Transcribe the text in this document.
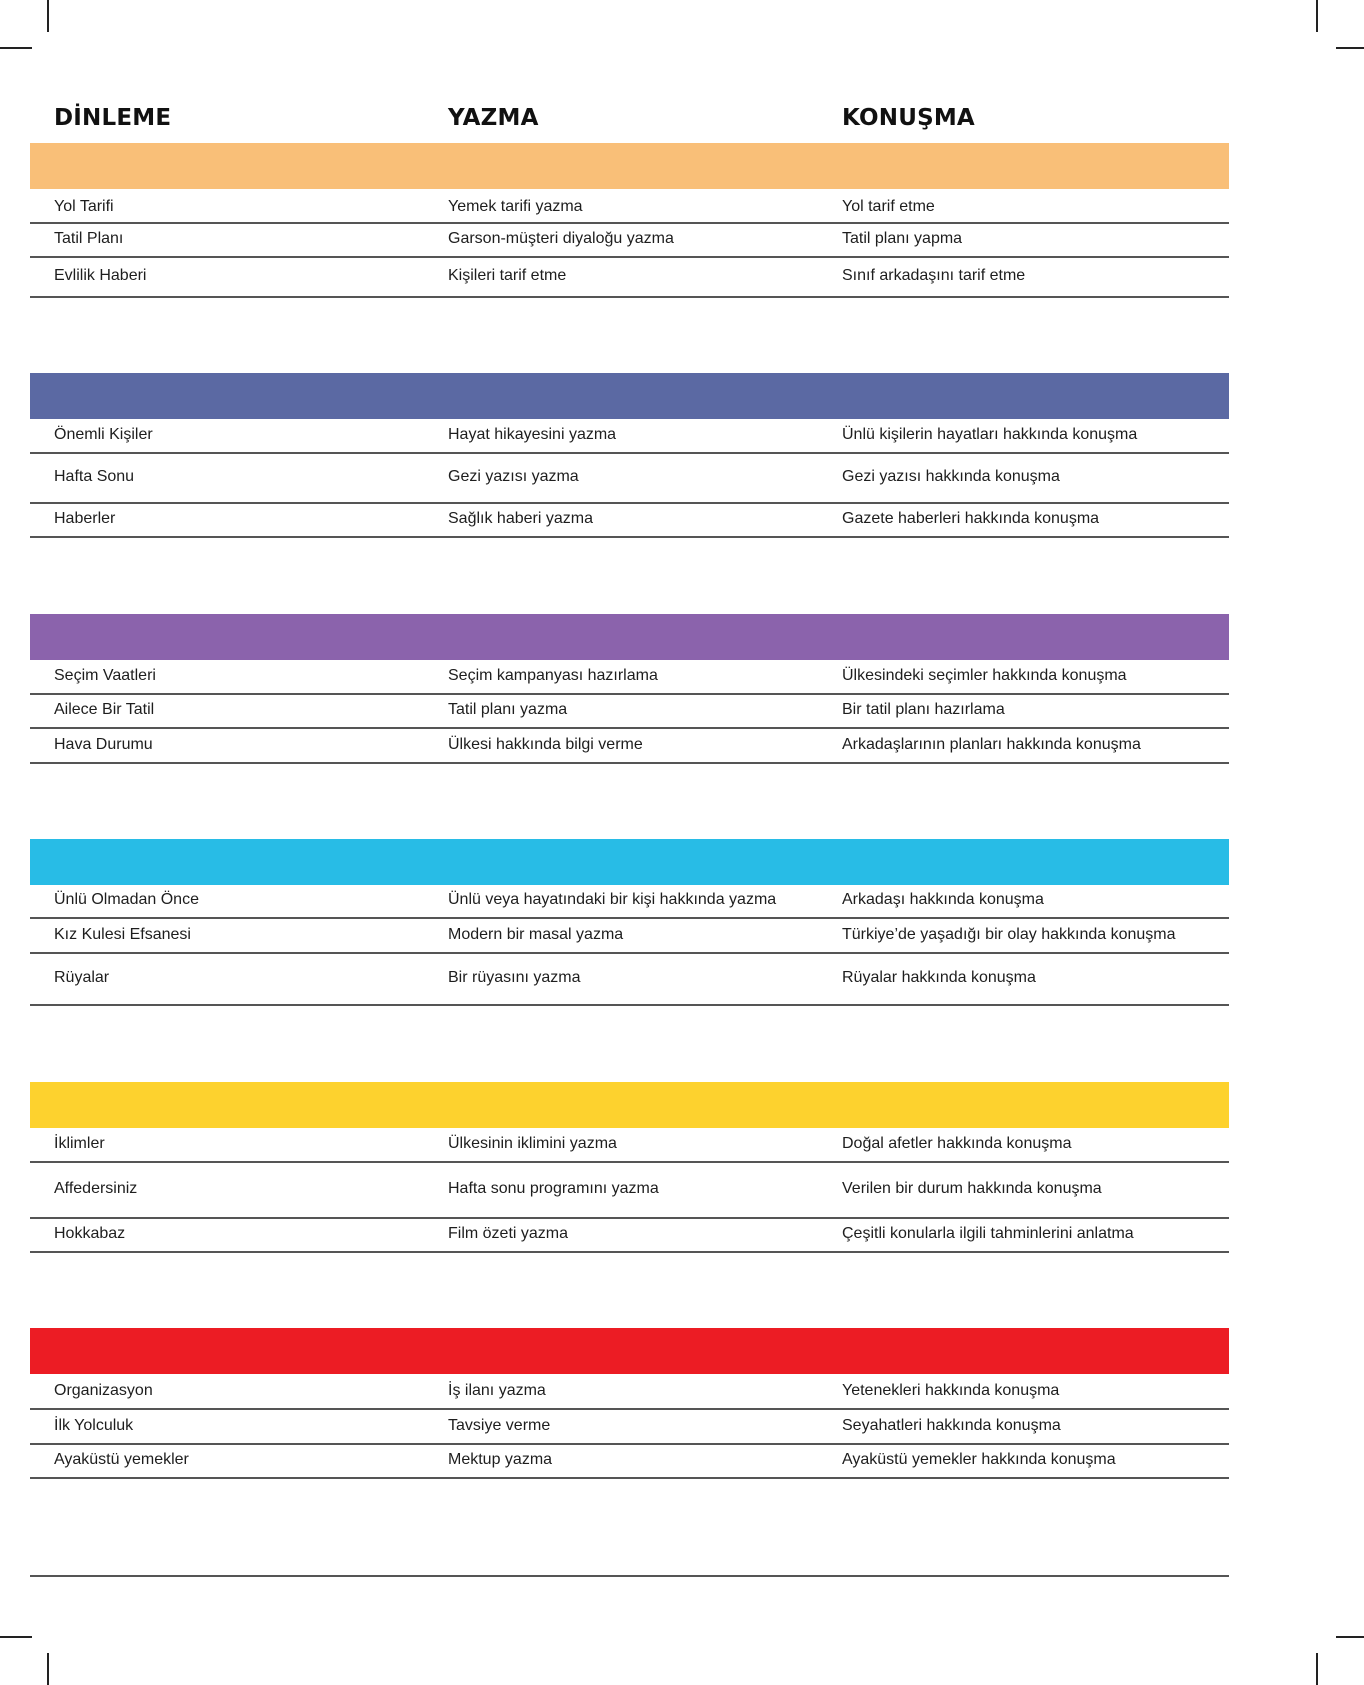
DİNLEME	YAZMA	KONUŞMA
Yol Tarifi	Yemek tarifi yazma	Yol tarif etme
Tatil Planı	Garson-müşteri diyaloğu yazma	Tatil planı yapma
Evlilik Haberi	Kişileri tarif etme	Sınıf arkadaşını tarif etme
Önemli Kişiler	Hayat hikayesini yazma	Ünlü kişilerin hayatları hakkında konuşma
Hafta Sonu	Gezi yazısı yazma	Gezi yazısı hakkında konuşma
Haberler	Sağlık haberi yazma	Gazete haberleri hakkında konuşma
Seçim Vaatleri	Seçim kampanyası hazırlama	Ülkesindeki seçimler hakkında konuşma
Ailece Bir Tatil	Tatil planı yazma	Bir tatil planı hazırlama
Hava Durumu	Ülkesi hakkında bilgi verme	Arkadaşlarının planları hakkında konuşma
Ünlü Olmadan Önce	Ünlü veya hayatındaki bir kişi hakkında yazma	Arkadaşı hakkında konuşma
Kız Kulesi Efsanesi	Modern bir masal yazma	Türkiye’de yaşadığı bir olay hakkında konuşma
Rüyalar	Bir rüyasını yazma	Rüyalar hakkında konuşma
İklimler	Ülkesinin iklimini yazma	Doğal afetler hakkında konuşma
Affedersiniz	Hafta sonu programını yazma	Verilen bir durum hakkında konuşma
Hokkabaz	Film özeti yazma	Çeşitli konularla ilgili tahminlerini anlatma
Organizasyon	İş ilanı yazma	Yetenekleri hakkında konuşma
İlk Yolculuk	Tavsiye verme	Seyahatleri hakkında konuşma
Ayaküstü yemekler	Mektup yazma	Ayaküstü yemekler hakkında konuşma
